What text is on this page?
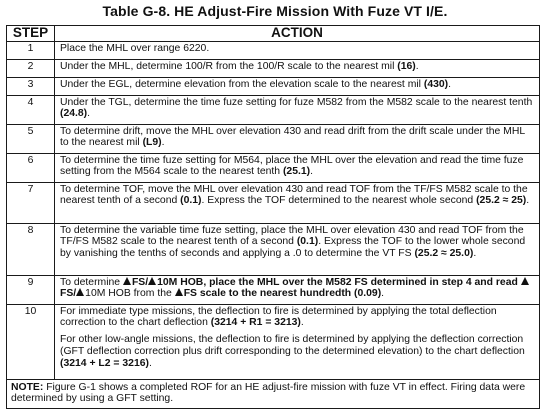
Table G-8. HE Adjust-Fire Mission With Fuze VT I/E.
STEP	ACTION
1	Place the MHL over range 6220.
2	Under the MHL, determine 100/R from the 100/R scale to the nearest mil (16).
3	Under the EGL, determine elevation from the elevation scale to the nearest mil (430).
4	Under the TGL, determine the time fuze setting for fuze M582 from the M582 scale to the nearest tenth (24.8).
5	To determine drift, move the MHL over elevation 430 and read drift from the drift scale under the MHL to the nearest mil (L9).
6	To determine the time fuze setting for M564, place the MHL over the elevation and read the time fuze setting from the M564 scale to the nearest tenth (25.1).
7	To determine TOF, move the MHL over elevation 430 and read TOF from the TF/FS M582 scale to the nearest tenth of a second (0.1). Express the TOF determined to the nearest whole second (25.2 ≈ 25).
8	To determine the variable time fuze setting, place the MHL over elevation 430 and read TOF from the TF/FS M582 scale to the nearest tenth of a second (0.1). Express the TOF to the lower whole second by vanishing the tenths of seconds and applying a .0 to determine the VT FS (25.2 ≈ 25.0).
9	To determine FS/ 10M HOB, place the MHL over the M582 FS determined in step 4 and read FS/ 10M HOB from the FS scale to the nearest hundredth (0.09).
10	For immediate type missions, the deflection to fire is determined by applying the total deflection correction to the chart deflection (3214 + R1 = 3213).

For other low-angle missions, the deflection to fire is determined by applying the deflection correction (GFT deflection correction plus drift corresponding to the determined elevation) to the chart deflection (3214 + L2 = 3216).

NOTE: Figure G-1 shows a completed ROF for an HE adjust-fire mission with fuze VT in effect. Firing data were determined by using a GFT setting.	
